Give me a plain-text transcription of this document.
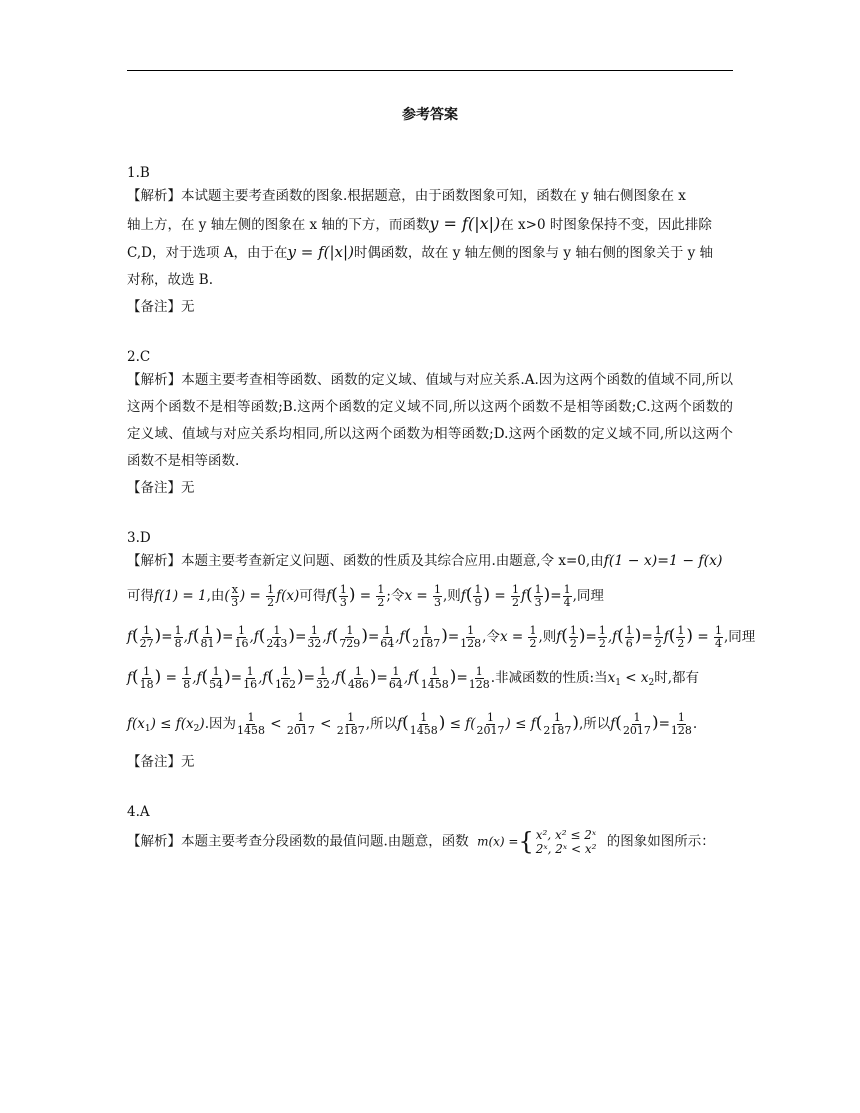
参考答案
1.B
【解析】本试题主要考查函数的图象.根据题意，由于函数图象可知，函数在 y 轴右侧图象在 x
轴上方，在 y 轴左侧的图象在 x 轴的下方，而函数y = f(|x|)在 x>0 时图象保持不变，因此排除
C,D，对于选项 A，由于在y = f(|x|)时偶函数，故在 y 轴左侧的图象与 y 轴右侧的图象关于 y 轴
对称，故选 B.
【备注】无
2.C
【解析】本题主要考查相等函数、函数的定义域、值域与对应关系.A.因为这两个函数的值域不同,所以这两个函数不是相等函数;B.这两个函数的定义域不同,所以这两个函数不是相等函数;C.这两个函数的定义域、值域与对应关系均相同,所以这两个函数为相等函数;D.这两个函数的定义域不同,所以这两个函数不是相等函数.
【备注】无
3.D
【解析】本题主要考查新定义问题、函数的性质及其综合应用.由题意,令 x=0,由f(1 − x)=1 − f(x)
可得f(1) = 1,由( $\frac{x}{3}$ ) = $\frac{1}{2} f(x)$可得$f( \frac{1}{3}$ ) = $\frac{1}{2}$ ;令$x = \frac{1}{3}$ ,则$f( \frac{1}{9}$ ) = $\frac{1}{2} f( \frac{1}{3}$ )= $\frac{1}{4}$ ,同理
$f( \frac{1}{27}$ )= $\frac{1}{8} ,f( \frac{1}{81}$ )= $\frac{1}{16} ,f( \frac{1}{243}$ )= $\frac{1}{32} ,f( \frac{1}{729}$ )= $\frac{1}{64} ,f( \frac{1}{2187}$ )= $\frac{1}{128}$ ,令$x = \frac{1}{2}$ ,则$f( \frac{1}{2}$ )= $\frac{1}{2} ,f( \frac{1}{6}$ )= $\frac{1}{2} f( \frac{1}{2}$ ) = $\frac{1}{4}$ ,同理
$f( \frac{1}{18}$ ) = $\frac{1}{8} ,f( \frac{1}{54}$ )= $\frac{1}{16} ,f( \frac{1}{162}$ )= $\frac{1}{32} ,f( \frac{1}{486}$ )= $\frac{1}{64} ,f( \frac{1}{1458}$ )= $\frac{1}{128}$ .非减函数的性质:当$x_1 < x_2$时,都有
$f(x_1) \le f(x_2)$.因为 $\frac{1}{1458} < \frac{1}{2017} < \frac{1}{2187}$ ,所以$f( \frac{1}{1458}$ ) ≤ $f( \frac{1}{2017}$ ) ≤ $f( \frac{1}{2187}$ ),所以$f( \frac{1}{2017}$ )= $\frac{1}{128}$ .
【备注】无
4.A
【解析】本题主要考查分段函数的最值问题.由题意，函数 m(x) ={ x², x² ≤ 2ˣ
2ˣ, 2ˣ < x² 的图象如图所示：
